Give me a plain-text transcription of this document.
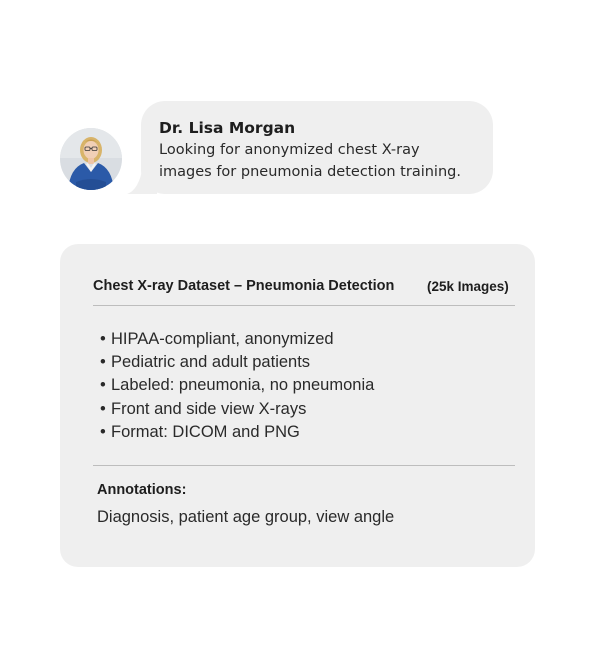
Dr. Lisa Morgan
Looking for anonymized chest X-ray
images for pneumonia detection training.
Chest X-ray Dataset – Pneumonia Detection (25k Images)
• HIPAA-compliant, anonymized
• Pediatric and adult patients
• Labeled: pneumonia, no pneumonia
• Front and side view X-rays
• Format: DICOM and PNG
Annotations:
Diagnosis, patient age group, view angle
